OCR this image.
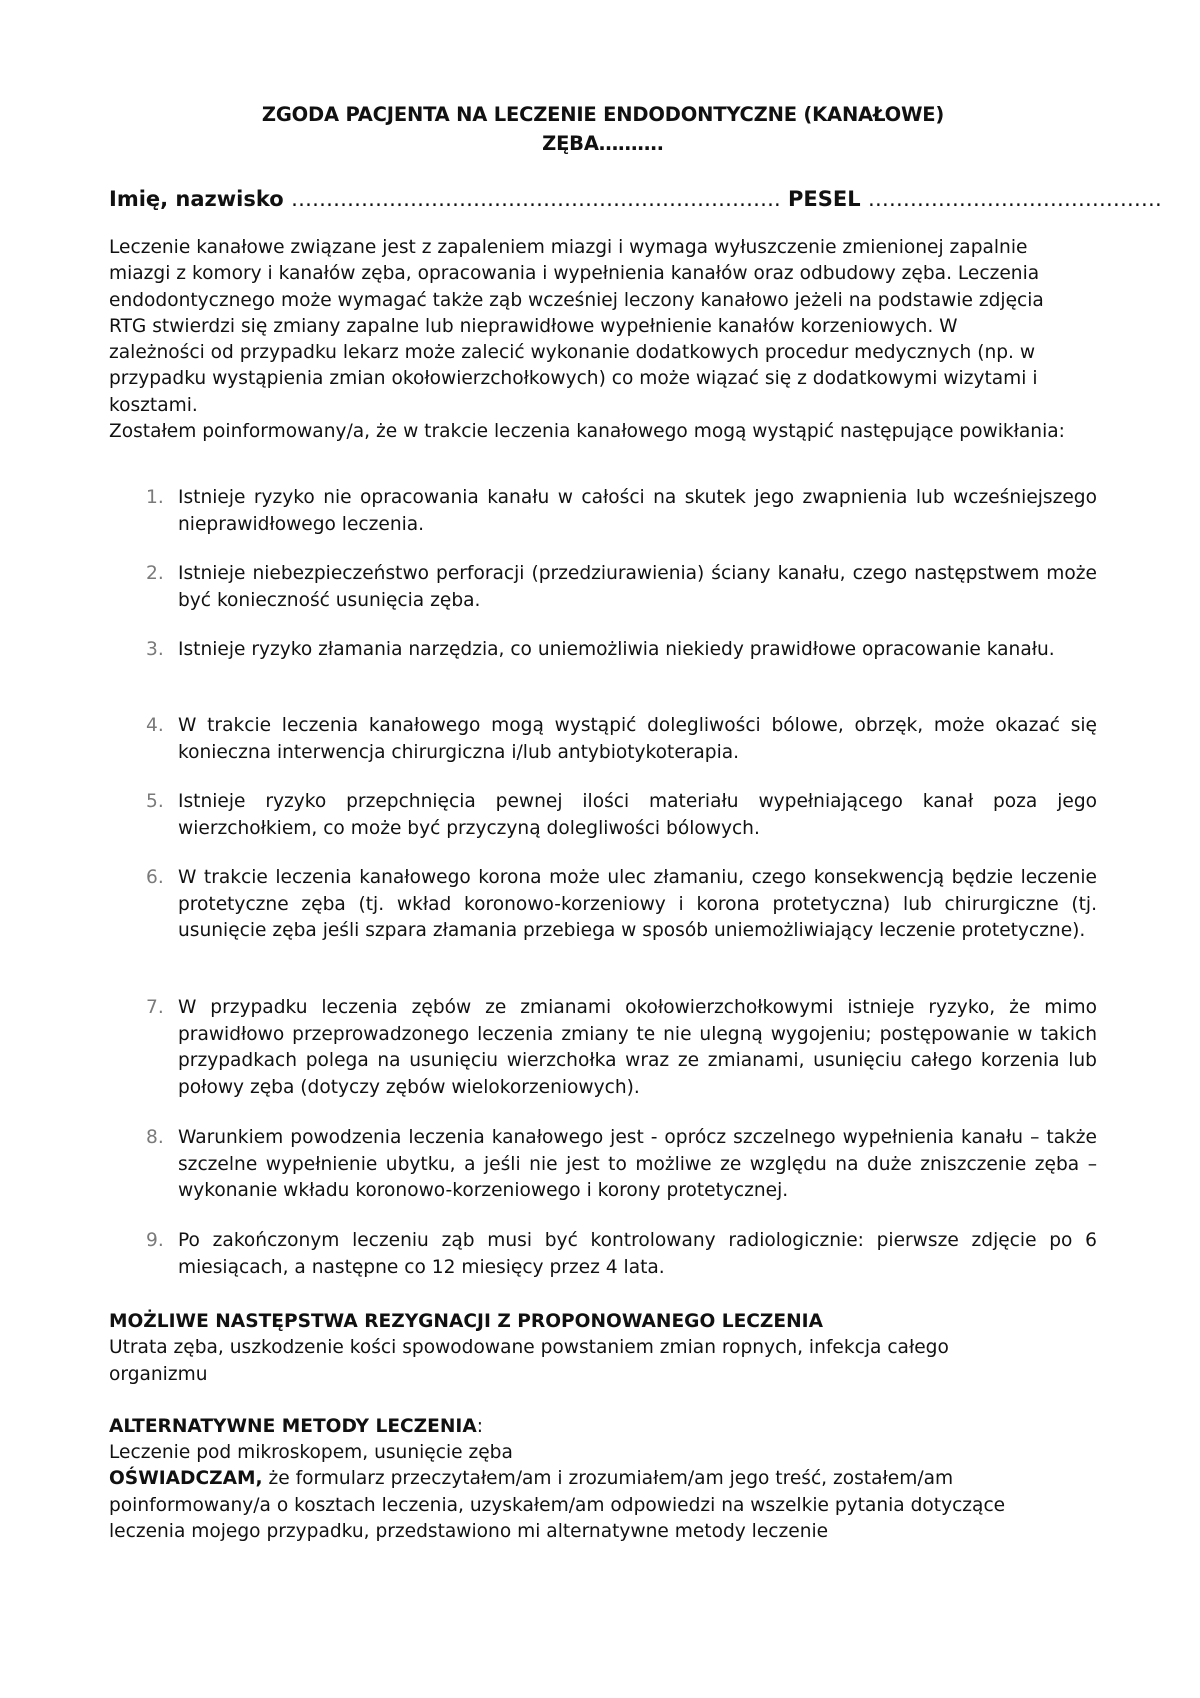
ZGODA PACJENTA NA LECZENIE ENDODONTYCZNE (KANAŁOWE)
ZĘBA……….
Imię, nazwisko ……………………………………………………………. PESEL ……………………………………

Leczenie kanałowe związane jest z zapaleniem miazgi i wymaga wyłuszczenie zmienionej zapalnie miazgi z komory i kanałów zęba, opracowania i wypełnienia kanałów oraz odbudowy zęba. Leczenia endodontycznego może wymagać także ząb wcześniej leczony kanałowo jeżeli na podstawie zdjęcia RTG stwierdzi się zmiany zapalne lub nieprawidłowe wypełnienie kanałów korzeniowych. W zależności od przypadku lekarz może zalecić wykonanie dodatkowych procedur medycznych (np. w przypadku wystąpienia zmian okołowierzchołkowych) co może wiązać się z dodatkowymi wizytami i kosztami.

Zostałem poinformowany/a, że w trakcie leczenia kanałowego mogą wystąpić następujące powikłania:

1. Istnieje ryzyko nie opracowania kanału w całości na skutek jego zwapnienia lub wcześniejszego nieprawidłowego leczenia.
2. Istnieje niebezpieczeństwo perforacji (przedziurawienia) ściany kanału, czego następstwem może być konieczność usunięcia zęba.
3. Istnieje ryzyko złamania narzędzia, co uniemożliwia niekiedy prawidłowe opracowanie kanału.
4. W trakcie leczenia kanałowego mogą wystąpić dolegliwości bólowe, obrzęk, może okazać się konieczna interwencja chirurgiczna i/lub antybiotykoterapia.
5. Istnieje ryzyko przepchnięcia pewnej ilości materiału wypełniającego kanał poza jego wierzchołkiem, co może być przyczyną dolegliwości bólowych.
6. W trakcie leczenia kanałowego korona może ulec złamaniu, czego konsekwencją będzie leczenie protetyczne zęba (tj. wkład koronowo-korzeniowy i korona protetyczna) lub chirurgiczne (tj. usunięcie zęba jeśli szpara złamania przebiega w sposób uniemożliwiający leczenie protetyczne).
7. W przypadku leczenia zębów ze zmianami okołowierzchołkowymi istnieje ryzyko, że mimo prawidłowo przeprowadzonego leczenia zmiany te nie ulegną wygojeniu; postępowanie w takich przypadkach polega na usunięciu wierzchołka wraz ze zmianami, usunięciu całego korzenia lub połowy zęba (dotyczy zębów wielokorzeniowych).
8. Warunkiem powodzenia leczenia kanałowego jest - oprócz szczelnego wypełnienia kanału – także szczelne wypełnienie ubytku, a jeśli nie jest to możliwe ze względu na duże zniszczenie zęba – wykonanie wkładu koronowo-korzeniowego i korony protetycznej.
9. Po zakończonym leczeniu ząb musi być kontrolowany radiologicznie: pierwsze zdjęcie po 6 miesiącach, a następne co 12 miesięcy przez 4 lata.

MOŻLIWE NASTĘPSTWA REZYGNACJI Z PROPONOWANEGO LECZENIA

Utrata zęba, uszkodzenie kości spowodowane powstaniem zmian ropnych, infekcja całego organizmu

ALTERNATYWNE METODY LECZENIA:

Leczenie pod mikroskopem, usunięcie zęba

OŚWIADCZAM, że formularz przeczytałem/am i zrozumiałem/am jego treść, zostałem/am poinformowany/a o kosztach leczenia, uzyskałem/am odpowiedzi na wszelkie pytania dotyczące leczenia mojego przypadku, przedstawiono mi alternatywne metody leczenie
